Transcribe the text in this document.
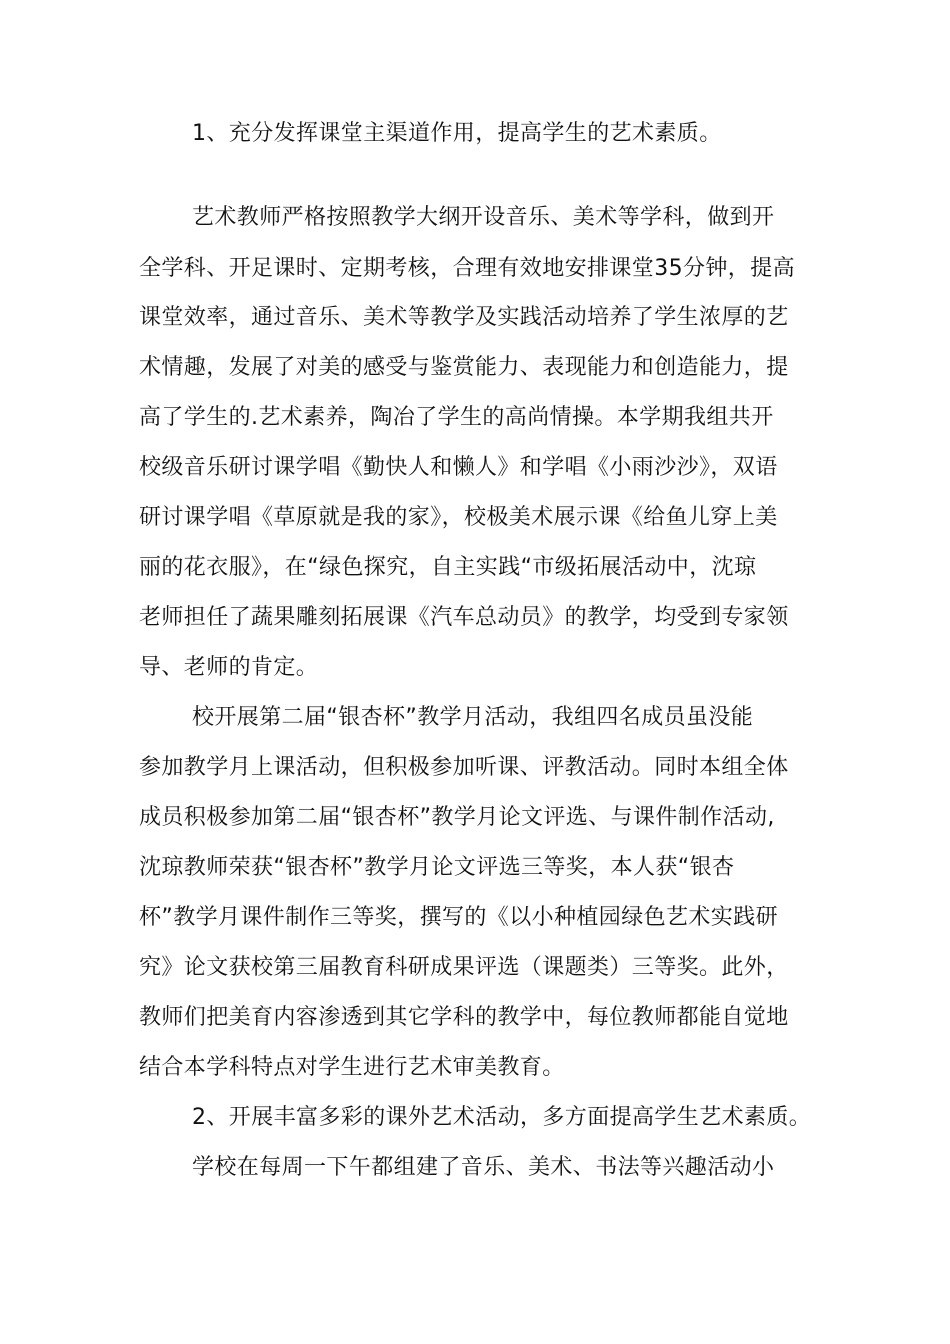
1、充分发挥课堂主渠道作用，提高学生的艺术素质。
艺术教师严格按照教学大纲开设音乐、美术等学科，做到开
全学科、开足课时、定期考核，合理有效地安排课堂35分钟，提高
课堂效率，通过音乐、美术等教学及实践活动培养了学生浓厚的艺
术情趣，发展了对美的感受与鉴赏能力、表现能力和创造能力，提
高了学生的.艺术素养，陶冶了学生的高尚情操。本学期我组共开
校级音乐研讨课学唱《勤快人和懒人》和学唱《小雨沙沙》，双语
研讨课学唱《草原就是我的家》，校极美术展示课《给鱼儿穿上美
丽的花衣服》，在“绿色探究，自主实践“市级拓展活动中，沈琼
老师担任了蔬果雕刻拓展课《汽车总动员》的教学，均受到专家领
导、老师的肯定。
校开展第二届“银杏杯”教学月活动，我组四名成员虽没能
参加教学月上课活动，但积极参加听课、评教活动。同时本组全体
成员积极参加第二届“银杏杯”教学月论文评选、与课件制作活动,
沈琼教师荣获“银杏杯”教学月论文评选三等奖，本人获“银杏
杯”教学月课件制作三等奖，撰写的《以小种植园绿色艺术实践研
究》论文获校第三届教育科研成果评选（课题类）三等奖。此外，
教师们把美育内容渗透到其它学科的教学中，每位教师都能自觉地
结合本学科特点对学生进行艺术审美教育。
2、开展丰富多彩的课外艺术活动，多方面提高学生艺术素质。
学校在每周一下午都组建了音乐、美术、书法等兴趣活动小
